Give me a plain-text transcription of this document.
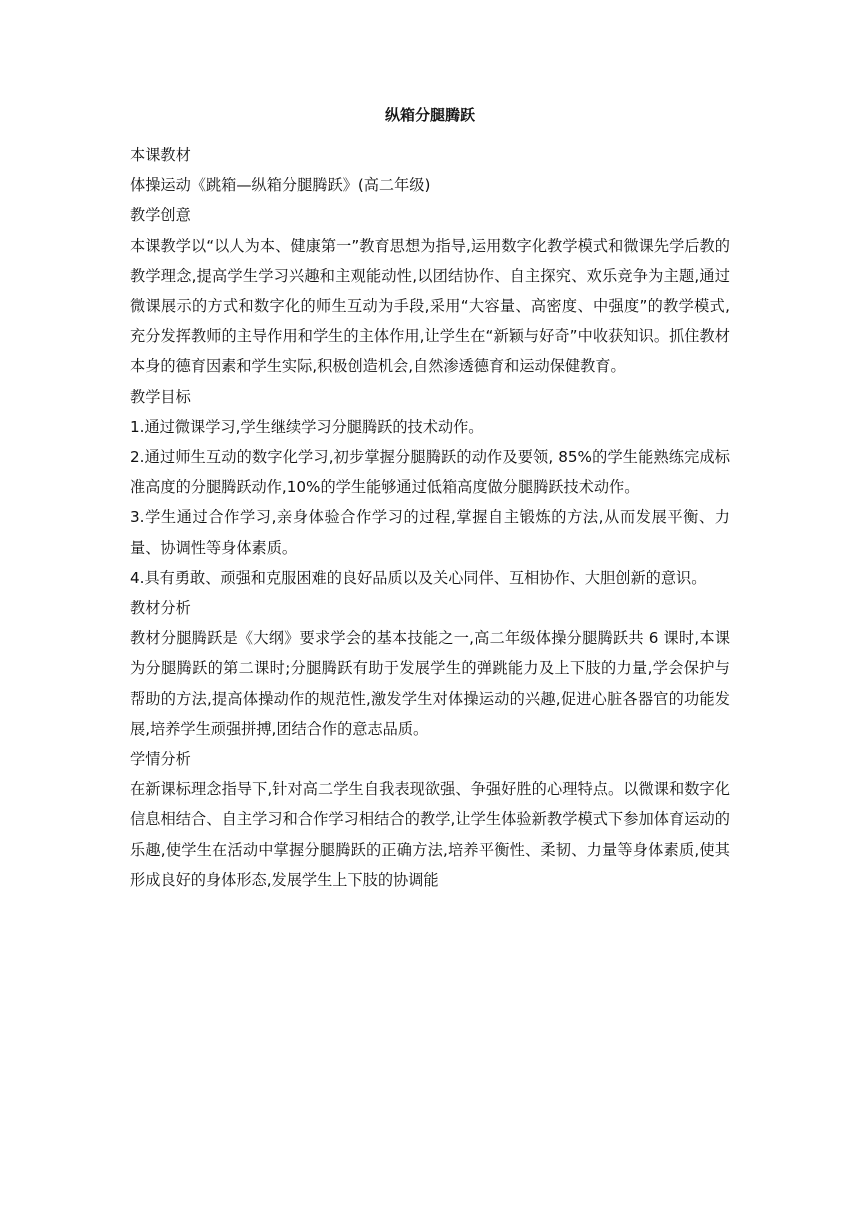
纵箱分腿腾跃

本课教材

体操运动《跳箱—纵箱分腿腾跃》(高二年级)

教学创意

本课教学以“以人为本、健康第一”教育思想为指导,运用数字化教学模式和微课先学后教的教学理念,提高学生学习兴趣和主观能动性,以团结协作、自主探究、欢乐竞争为主题,通过微课展示的方式和数字化的师生互动为手段,采用“大容量、高密度、中强度”的教学模式,充分发挥教师的主导作用和学生的主体作用,让学生在“新颖与好奇”中收获知识。抓住教材本身的德育因素和学生实际,积极创造机会,自然渗透德育和运动保健教育。

教学目标

1.通过微课学习,学生继续学习分腿腾跃的技术动作。

2.通过师生互动的数字化学习,初步掌握分腿腾跃的动作及要领, 85%的学生能熟练完成标准高度的分腿腾跃动作,10%的学生能够通过低箱高度做分腿腾跃技术动作。

3.学生通过合作学习,亲身体验合作学习的过程,掌握自主锻炼的方法,从而发展平衡、力量、协调性等身体素质。

4.具有勇敢、顽强和克服困难的良好品质以及关心同伴、互相协作、大胆创新的意识。

教材分析

教材分腿腾跃是《大纲》要求学会的基本技能之一,高二年级体操分腿腾跃共 6 课时,本课为分腿腾跃的第二课时;分腿腾跃有助于发展学生的弹跳能力及上下肢的力量,学会保护与帮助的方法,提高体操动作的规范性,激发学生对体操运动的兴趣,促进心脏各器官的功能发展,培养学生顽强拼搏,团结合作的意志品质。

学情分析

在新课标理念指导下,针对高二学生自我表现欲强、争强好胜的心理特点。以微课和数字化信息相结合、自主学习和合作学习相结合的教学,让学生体验新教学模式下参加体育运动的乐趣,使学生在活动中掌握分腿腾跃的正确方法,培养平衡性、柔韧、力量等身体素质,使其形成良好的身体形态,发展学生上下肢的协调能
